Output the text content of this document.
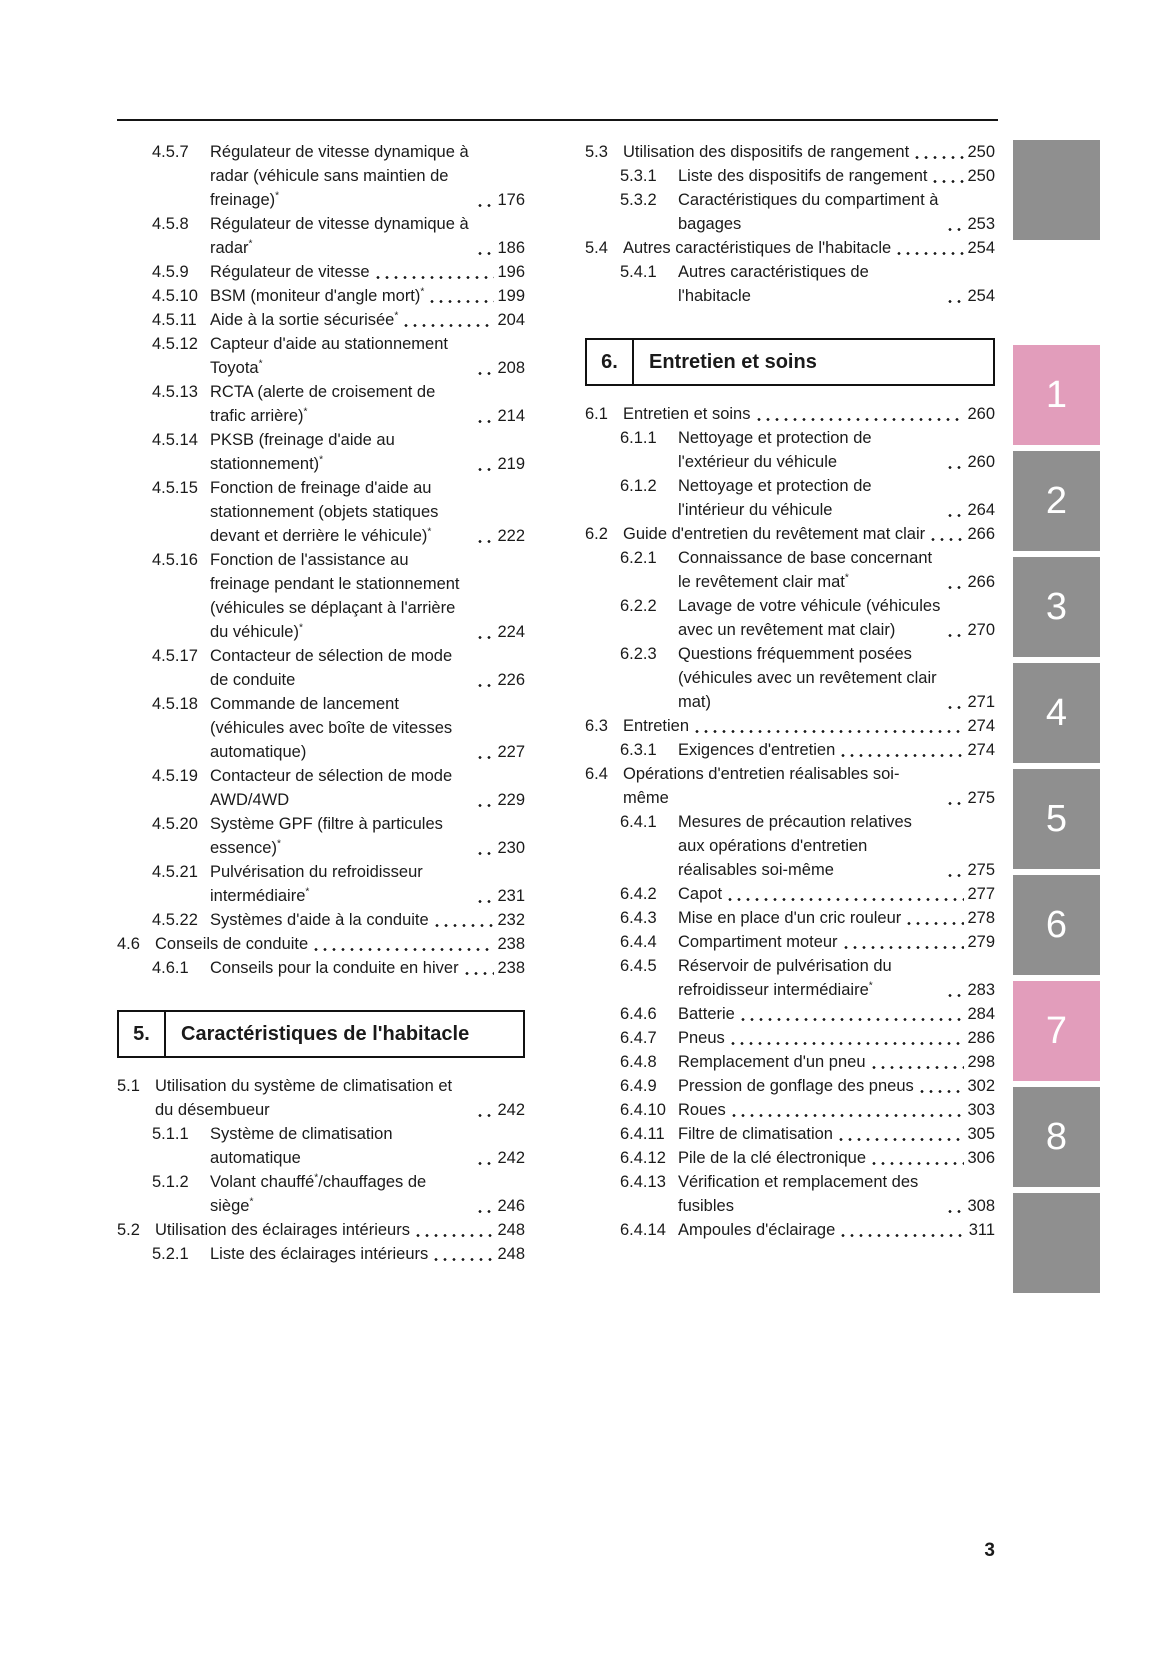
4.5.7 Régulateur de vitesse dynamique à radar (véhicule sans maintien de freinage)*	176
4.5.8 Régulateur de vitesse dynamique à radar*	186
4.5.9 Régulateur de vitesse	196
4.5.10 BSM (moniteur d'angle mort)*	199
4.5.11 Aide à la sortie sécurisée*	204
4.5.12 Capteur d'aide au stationnement Toyota*	208
4.5.13 RCTA (alerte de croisement de trafic arrière)*	214
4.5.14 PKSB (freinage d'aide au stationnement)*	219
4.5.15 Fonction de freinage d'aide au stationnement (objets statiques devant et derrière le véhicule)*	222
4.5.16 Fonction de l'assistance au freinage pendant le stationnement (véhicules se déplaçant à l'arrière du véhicule)*	224
4.5.17 Contacteur de sélection de mode de conduite	226
4.5.18 Commande de lancement (véhicules avec boîte de vitesses automatique)	227
4.5.19 Contacteur de sélection de mode AWD/4WD	229
4.5.20 Système GPF (filtre à particules essence)*	230
4.5.21 Pulvérisation du refroidisseur intermédiaire*	231
4.5.22 Systèmes d'aide à la conduite	232
4.6 Conseils de conduite	238
4.6.1 Conseils pour la conduite en hiver 238
5.	Caractéristiques de l'habitacle
5.1 Utilisation du système de climatisation et du désembueur	242
5.1.1 Système de climatisation automatique	242
5.1.2 Volant chauffé*/chauffages de siège*	246
5.2 Utilisation des éclairages intérieurs	248
5.2.1 Liste des éclairages intérieurs	248
5.3 Utilisation des dispositifs de rangement	250
5.3.1 Liste des dispositifs de rangement 250
5.3.2 Caractéristiques du compartiment à bagages	253
5.4 Autres caractéristiques de l'habitacle	254
5.4.1 Autres caractéristiques de l'habitacle	254
6.	Entretien et soins
6.1 Entretien et soins	260
6.1.1 Nettoyage et protection de l'extérieur du véhicule	260
6.1.2 Nettoyage et protection de l'intérieur du véhicule	264
6.2 Guide d'entretien du revêtement mat clair	266
6.2.1 Connaissance de base concernant le revêtement clair mat*	266
6.2.2 Lavage de votre véhicule (véhicules avec un revêtement mat clair)	270
6.2.3 Questions fréquemment posées (véhicules avec un revêtement clair mat)	271
6.3 Entretien	274
6.3.1 Exigences d'entretien	274
6.4 Opérations d'entretien réalisables soi-même	275
6.4.1 Mesures de précaution relatives aux opérations d'entretien réalisables soi-même	275
6.4.2 Capot	277
6.4.3 Mise en place d'un cric rouleur	278
6.4.4 Compartiment moteur	279
6.4.5 Réservoir de pulvérisation du refroidisseur intermédiaire*	283
6.4.6 Batterie	284
6.4.7 Pneus	286
6.4.8 Remplacement d'un pneu	298
6.4.9 Pression de gonflage des pneus	302
6.4.10 Roues	303
6.4.11 Filtre de climatisation	305
6.4.12 Pile de la clé électronique	306
6.4.13 Vérification et remplacement des fusibles	308
6.4.14 Ampoules d'éclairage	311
1
2
3
4
5
6
7
8
3
